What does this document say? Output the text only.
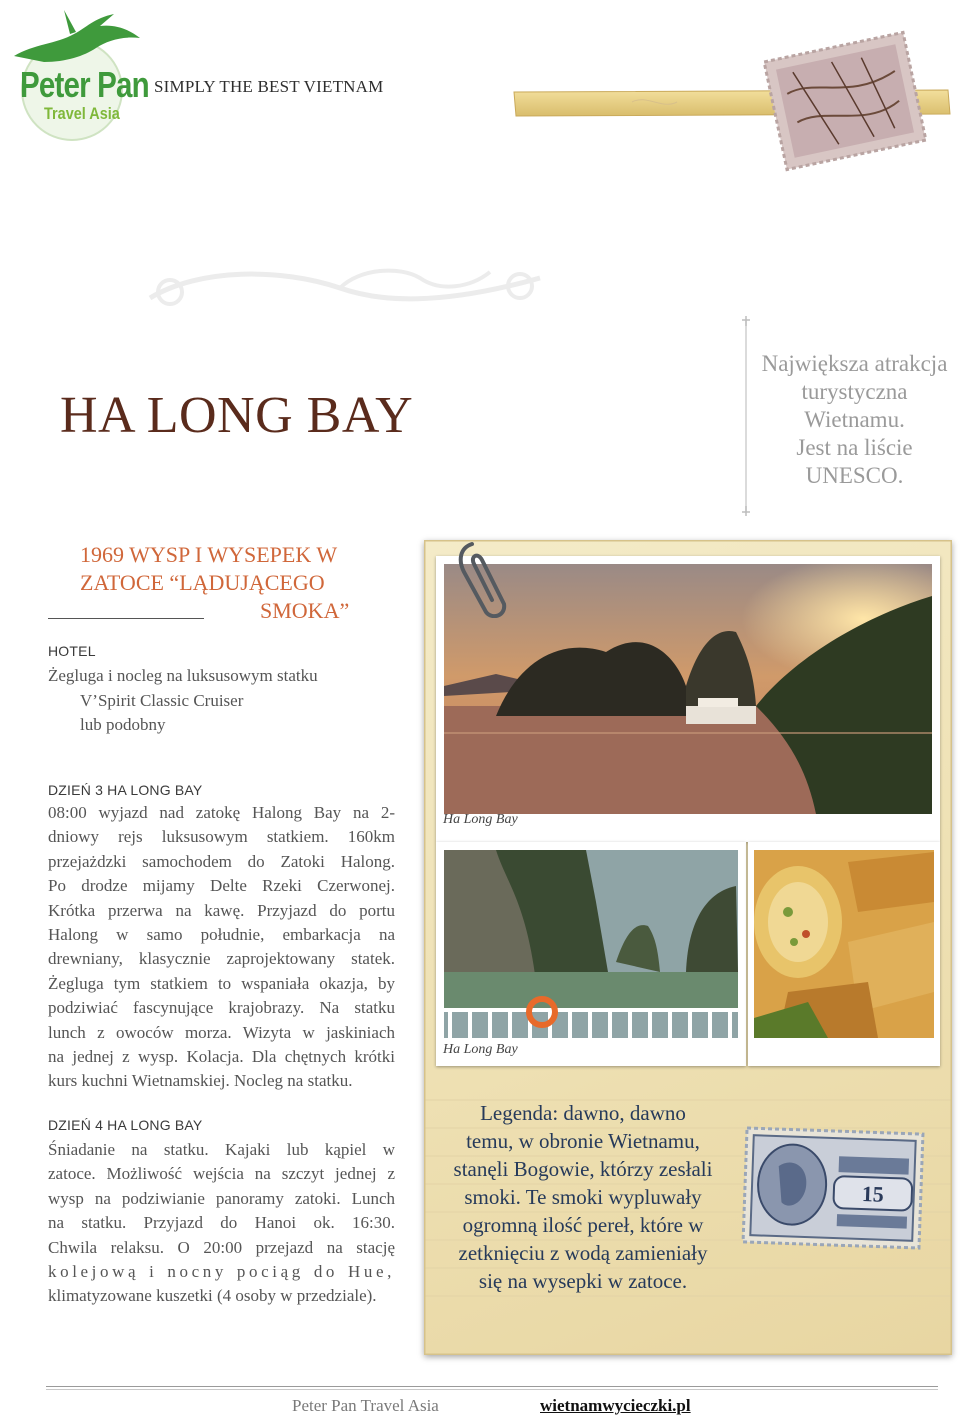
Peter Pan
Travel Asia
SIMPLY THE BEST VIETNAM
HA LONG BAY
Największa atrakcja
turystyczna
Wietnamu.
Jest na liście
UNESCO.
1969 WYSP I WYSEPEK W
ZATOCE “LĄDUJĄCEGO
SMOKA”
HOTEL
Żegluga i nocleg na luksusowym statku
V’Spirit Classic Cruiser
lub podobny
DZIEŃ 3 HA LONG BAY
08:00 wyjazd nad zatokę Halong Bay na 2-
dniowy rejs luksusowym statkiem. 160km
przejażdzki samochodem do Zatoki Halong.
Po drodze mijamy Delte Rzeki Czerwonej.
Krótka przerwa na kawę. Przyjazd do portu
Halong w samo południe, embarkacja na
drewniany, klasycznie zaprojektowany statek.
Żegluga tym statkiem to wspaniała okazja, by
podziwiać fascynujące krajobrazy. Na statku
lunch z owoców morza. Wizyta w jaskiniach
na jednej z wysp. Kolacja. Dla chętnych krótki
kurs kuchni Wietnamskiej. Nocleg na statku.
DZIEŃ 4 HA LONG BAY
Śniadanie na statku. Kajaki lub kąpiel w
zatoce. Możliwość wejścia na szczyt jednej z
wysp na podziwianie panoramy zatoki. Lunch
na statku. Przyjazd do Hanoi ok. 16:30.
Chwila relaksu. O 20:00 przejazd na stację
kolejową i nocny pociąg do Hue,
klimatyzowane kuszetki (4 osoby w przedziale).
Ha Long Bay
Ha Long Bay
Legenda: dawno, dawno
temu, w obronie Wietnamu,
stanęli Bogowie, którzy zesłali
smoki. Te smoki wypluwały
ogromną ilość pereł, które w
zetknięciu z wodą zamieniały
się na wysepki w zatoce.
15
Peter Pan Travel Asia	wietnamwycieczki.pl
